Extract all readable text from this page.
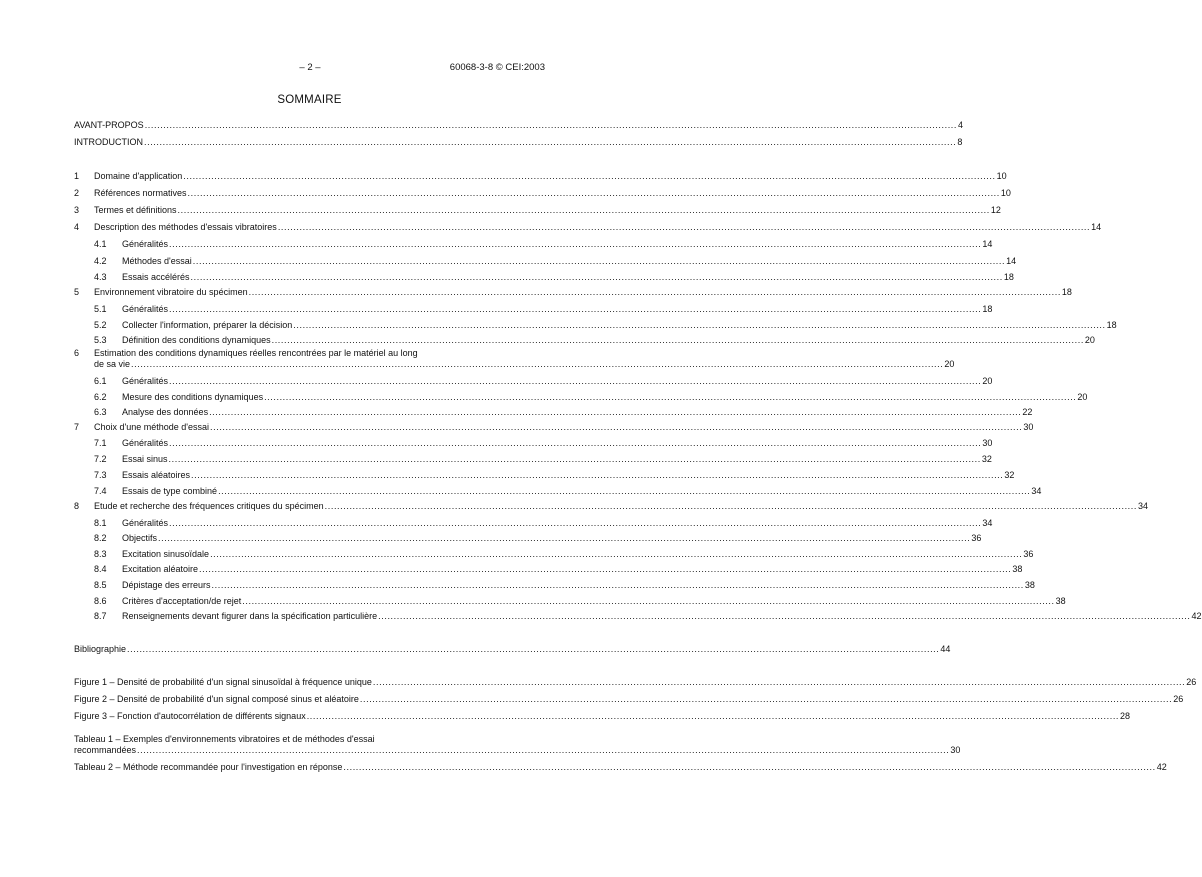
– 2 –	60068-3-8 © CEI:2003
SOMMAIRE
AVANT-PROPOS .....	4
INTRODUCTION .....	8
1	Domaine d'application .....	10
2	Références normatives .....	10
3	Termes et définitions .....	12
4	Description des méthodes d'essais vibratoires .....	14
4.1	Généralités .....	14
4.2	Méthodes d'essai .....	14
4.3	Essais accélérés .....	18
5	Environnement vibratoire du spécimen .....	18
5.1	Généralités .....	18
5.2	Collecter l'information, préparer la décision .....	18
5.3	Définition des conditions dynamiques .....	20
6 Estimation des conditions dynamiques réelles rencontrées par le matériel au long
de sa vie .....	20
6.1	Généralités .....	20
6.2	Mesure des conditions dynamiques .....	20
6.3	Analyse des données .....	22
7	Choix d'une méthode d'essai .....	30
7.1	Généralités .....	30
7.2	Essai sinus .....	32
7.3	Essais aléatoires .....	32
7.4	Essais de type combiné .....	34
8	Etude et recherche des fréquences critiques du spécimen .....	34
8.1	Généralités .....	34
8.2	Objectifs .....	36
8.3	Excitation sinusoïdale .....	36
8.4	Excitation aléatoire .....	38
8.5	Dépistage des erreurs .....	38
8.6	Critères d'acceptation/de rejet .....	38
8.7	Renseignements devant figurer dans la spécification particulière .....	42
Bibliographie .....	44
Figure 1 – Densité de probabilité d'un signal sinusoïdal à fréquence unique .....	26
Figure 2 – Densité de probabilité d'un signal composé sinus et aléatoire .....	26
Figure 3 – Fonction d'autocorrélation de différents signaux .....	28
Tableau 1 – Exemples d'environnements vibratoires et de méthodes d'essai
recommandées .....	30
Tableau 2 – Méthode recommandée pour l'investigation en réponse .....	42
